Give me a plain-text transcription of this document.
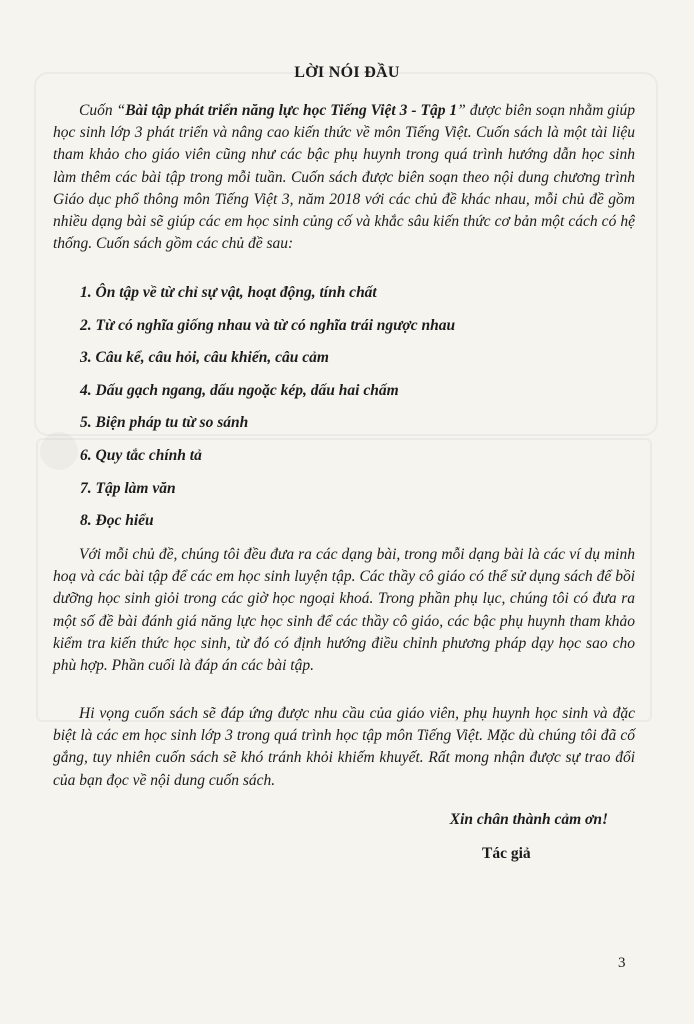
LỜI NÓI ĐẦU

Cuốn “Bài tập phát triển năng lực học Tiếng Việt 3 - Tập 1” được biên soạn nhằm giúp học sinh lớp 3 phát triển và nâng cao kiến thức về môn Tiếng Việt. Cuốn sách là một tài liệu tham khảo cho giáo viên cũng như các bậc phụ huynh trong quá trình hướng dẫn học sinh làm thêm các bài tập trong mỗi tuần. Cuốn sách được biên soạn theo nội dung chương trình Giáo dục phổ thông môn Tiếng Việt 3, năm 2018 với các chủ đề khác nhau, mỗi chủ đề gồm nhiều dạng bài sẽ giúp các em học sinh củng cố và khắc sâu kiến thức cơ bản một cách có hệ thống. Cuốn sách gồm các chủ đề sau:

1. Ôn tập về từ chỉ sự vật, hoạt động, tính chất
2. Từ có nghĩa giống nhau và từ có nghĩa trái ngược nhau
3. Câu kể, câu hỏi, câu khiến, câu cảm
4. Dấu gạch ngang, dấu ngoặc kép, dấu hai chấm
5. Biện pháp tu từ so sánh
6. Quy tắc chính tả
7. Tập làm văn
8. Đọc hiểu

Với mỗi chủ đề, chúng tôi đều đưa ra các dạng bài, trong mỗi dạng bài là các ví dụ minh hoạ và các bài tập để các em học sinh luyện tập. Các thầy cô giáo có thể sử dụng sách để bồi dưỡng học sinh giỏi trong các giờ học ngoại khoá. Trong phần phụ lục, chúng tôi có đưa ra một số đề bài đánh giá năng lực học sinh để các thầy cô giáo, các bậc phụ huynh tham khảo kiểm tra kiến thức học sinh, từ đó có định hướng điều chỉnh phương pháp dạy học sao cho phù hợp. Phần cuối là đáp án các bài tập.

Hi vọng cuốn sách sẽ đáp ứng được nhu cầu của giáo viên, phụ huynh học sinh và đặc biệt là các em học sinh lớp 3 trong quá trình học tập môn Tiếng Việt. Mặc dù chúng tôi đã cố gắng, tuy nhiên cuốn sách sẽ khó tránh khỏi khiếm khuyết. Rất mong nhận được sự trao đổi của bạn đọc về nội dung cuốn sách.

Xin chân thành cảm ơn!
Tác giả
3
